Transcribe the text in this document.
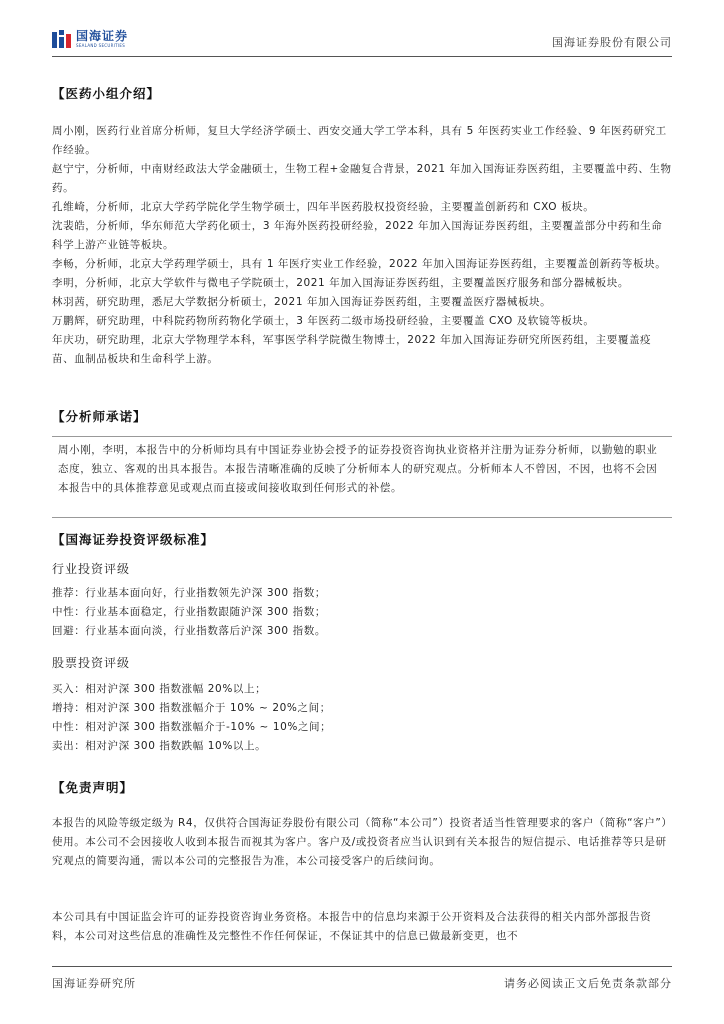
国海证券
SEALAND SECURITIES	国海证券股份有限公司
【医药小组介绍】

周小刚，医药行业首席分析师，复旦大学经济学硕士、西安交通大学工学本科，具有 5 年医药实业工作经验、9 年医药研究工作经验。

赵宁宁，分析师，中南财经政法大学金融硕士，生物工程+金融复合背景，2021 年加入国海证券医药组，主要覆盖中药、生物药。

孔维崎，分析师，北京大学药学院化学生物学硕士，四年半医药股权投资经验，主要覆盖创新药和 CXO 板块。

沈裴皓，分析师，华东师范大学药化硕士，3 年海外医药投研经验，2022 年加入国海证券医药组，主要覆盖部分中药和生命科学上游产业链等板块。

李畅，分析师，北京大学药理学硕士，具有 1 年医疗实业工作经验，2022 年加入国海证券医药组，主要覆盖创新药等板块。

李明，分析师，北京大学软件与微电子学院硕士，2021 年加入国海证券医药组，主要覆盖医疗服务和部分器械板块。

林羽茜，研究助理，悉尼大学数据分析硕士，2021 年加入国海证券医药组，主要覆盖医疗器械板块。

万鹏辉，研究助理，中科院药物所药物化学硕士，3 年医药二级市场投研经验，主要覆盖 CXO 及软镜等板块。

年庆功，研究助理，北京大学物理学本科，军事医学科学院微生物博士，2022 年加入国海证券研究所医药组，主要覆盖疫苗、血制品板块和生命科学上游。

【分析师承诺】
周小刚，李明，本报告中的分析师均具有中国证券业协会授予的证券投资咨询执业资格并注册为证券分析师，以勤勉的职业态度，独立、客观的出具本报告。本报告清晰准确的反映了分析师本人的研究观点。分析师本人不曾因，不因，也将不会因本报告中的具体推荐意见或观点而直接或间接收取到任何形式的补偿。
【国海证券投资评级标准】
行业投资评级
推荐：行业基本面向好，行业指数领先沪深 300 指数；
中性：行业基本面稳定，行业指数跟随沪深 300 指数；
回避：行业基本面向淡，行业指数落后沪深 300 指数。
股票投资评级
买入：相对沪深 300 指数涨幅 20%以上；
增持：相对沪深 300 指数涨幅介于 10% ~ 20%之间；
中性：相对沪深 300 指数涨幅介于-10% ~ 10%之间；
卖出：相对沪深 300 指数跌幅 10%以上。
【免责声明】
本报告的风险等级定级为 R4，仅供符合国海证券股份有限公司（简称“本公司”）投资者适当性管理要求的客户（简称“客户”）使用。本公司不会因接收人收到本报告而视其为客户。客户及/或投资者应当认识到有关本报告的短信提示、电话推荐等只是研究观点的简要沟通，需以本公司的完整报告为准，本公司接受客户的后续问询。
本公司具有中国证监会许可的证券投资咨询业务资格。本报告中的信息均来源于公开资料及合法获得的相关内部外部报告资料，本公司对这些信息的准确性及完整性不作任何保证，不保证其中的信息已做最新变更，也不
国海证券研究所	请务必阅读正文后免责条款部分
